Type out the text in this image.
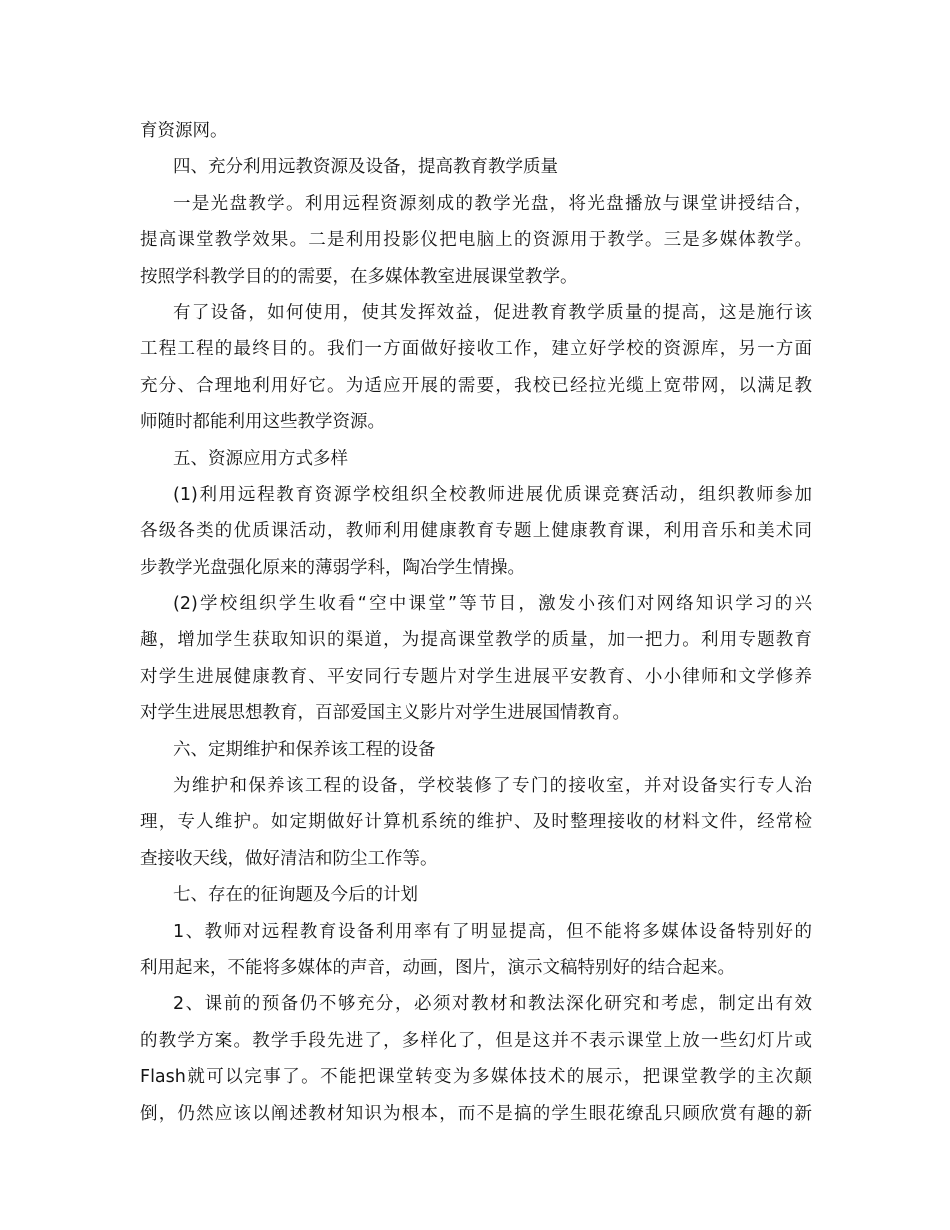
育资源网。
四、充分利用远教资源及设备，提高教育教学质量
一是光盘教学。利用远程资源刻成的教学光盘，将光盘播放与课堂讲授结合，
提高课堂教学效果。二是利用投影仪把电脑上的资源用于教学。三是多媒体教学。
按照学科教学目的的需要，在多媒体教室进展课堂教学。
有了设备，如何使用，使其发挥效益，促进教育教学质量的提高，这是施行该
工程工程的最终目的。我们一方面做好接收工作，建立好学校的资源库，另一方面
充分、合理地利用好它。为适应开展的需要，我校已经拉光缆上宽带网，以满足教
师随时都能利用这些教学资源。
五、资源应用方式多样
(1)利用远程教育资源学校组织全校教师进展优质课竞赛活动，组织教师参加
各级各类的优质课活动，教师利用健康教育专题上健康教育课，利用音乐和美术同
步教学光盘强化原来的薄弱学科，陶冶学生情操。
(2)学校组织学生收看“空中课堂”等节目，激发小孩们对网络知识学习的兴
趣，增加学生获取知识的渠道，为提高课堂教学的质量，加一把力。利用专题教育
对学生进展健康教育、平安同行专题片对学生进展平安教育、小小律师和文学修养
对学生进展思想教育，百部爱国主义影片对学生进展国情教育。
六、定期维护和保养该工程的设备
为维护和保养该工程的设备，学校装修了专门的接收室，并对设备实行专人治
理，专人维护。如定期做好计算机系统的维护、及时整理接收的材料文件，经常检
查接收天线，做好清洁和防尘工作等。
七、存在的征询题及今后的计划
1、教师对远程教育设备利用率有了明显提高，但不能将多媒体设备特别好的
利用起来，不能将多媒体的声音，动画，图片，演示文稿特别好的结合起来。
2、课前的预备仍不够充分，必须对教材和教法深化研究和考虑，制定出有效
的教学方案。教学手段先进了，多样化了，但是这并不表示课堂上放一些幻灯片或
Flash就可以完事了。不能把课堂转变为多媒体技术的展示，把课堂教学的主次颠
倒，仍然应该以阐述教材知识为根本，而不是搞的学生眼花缭乱只顾欣赏有趣的新
